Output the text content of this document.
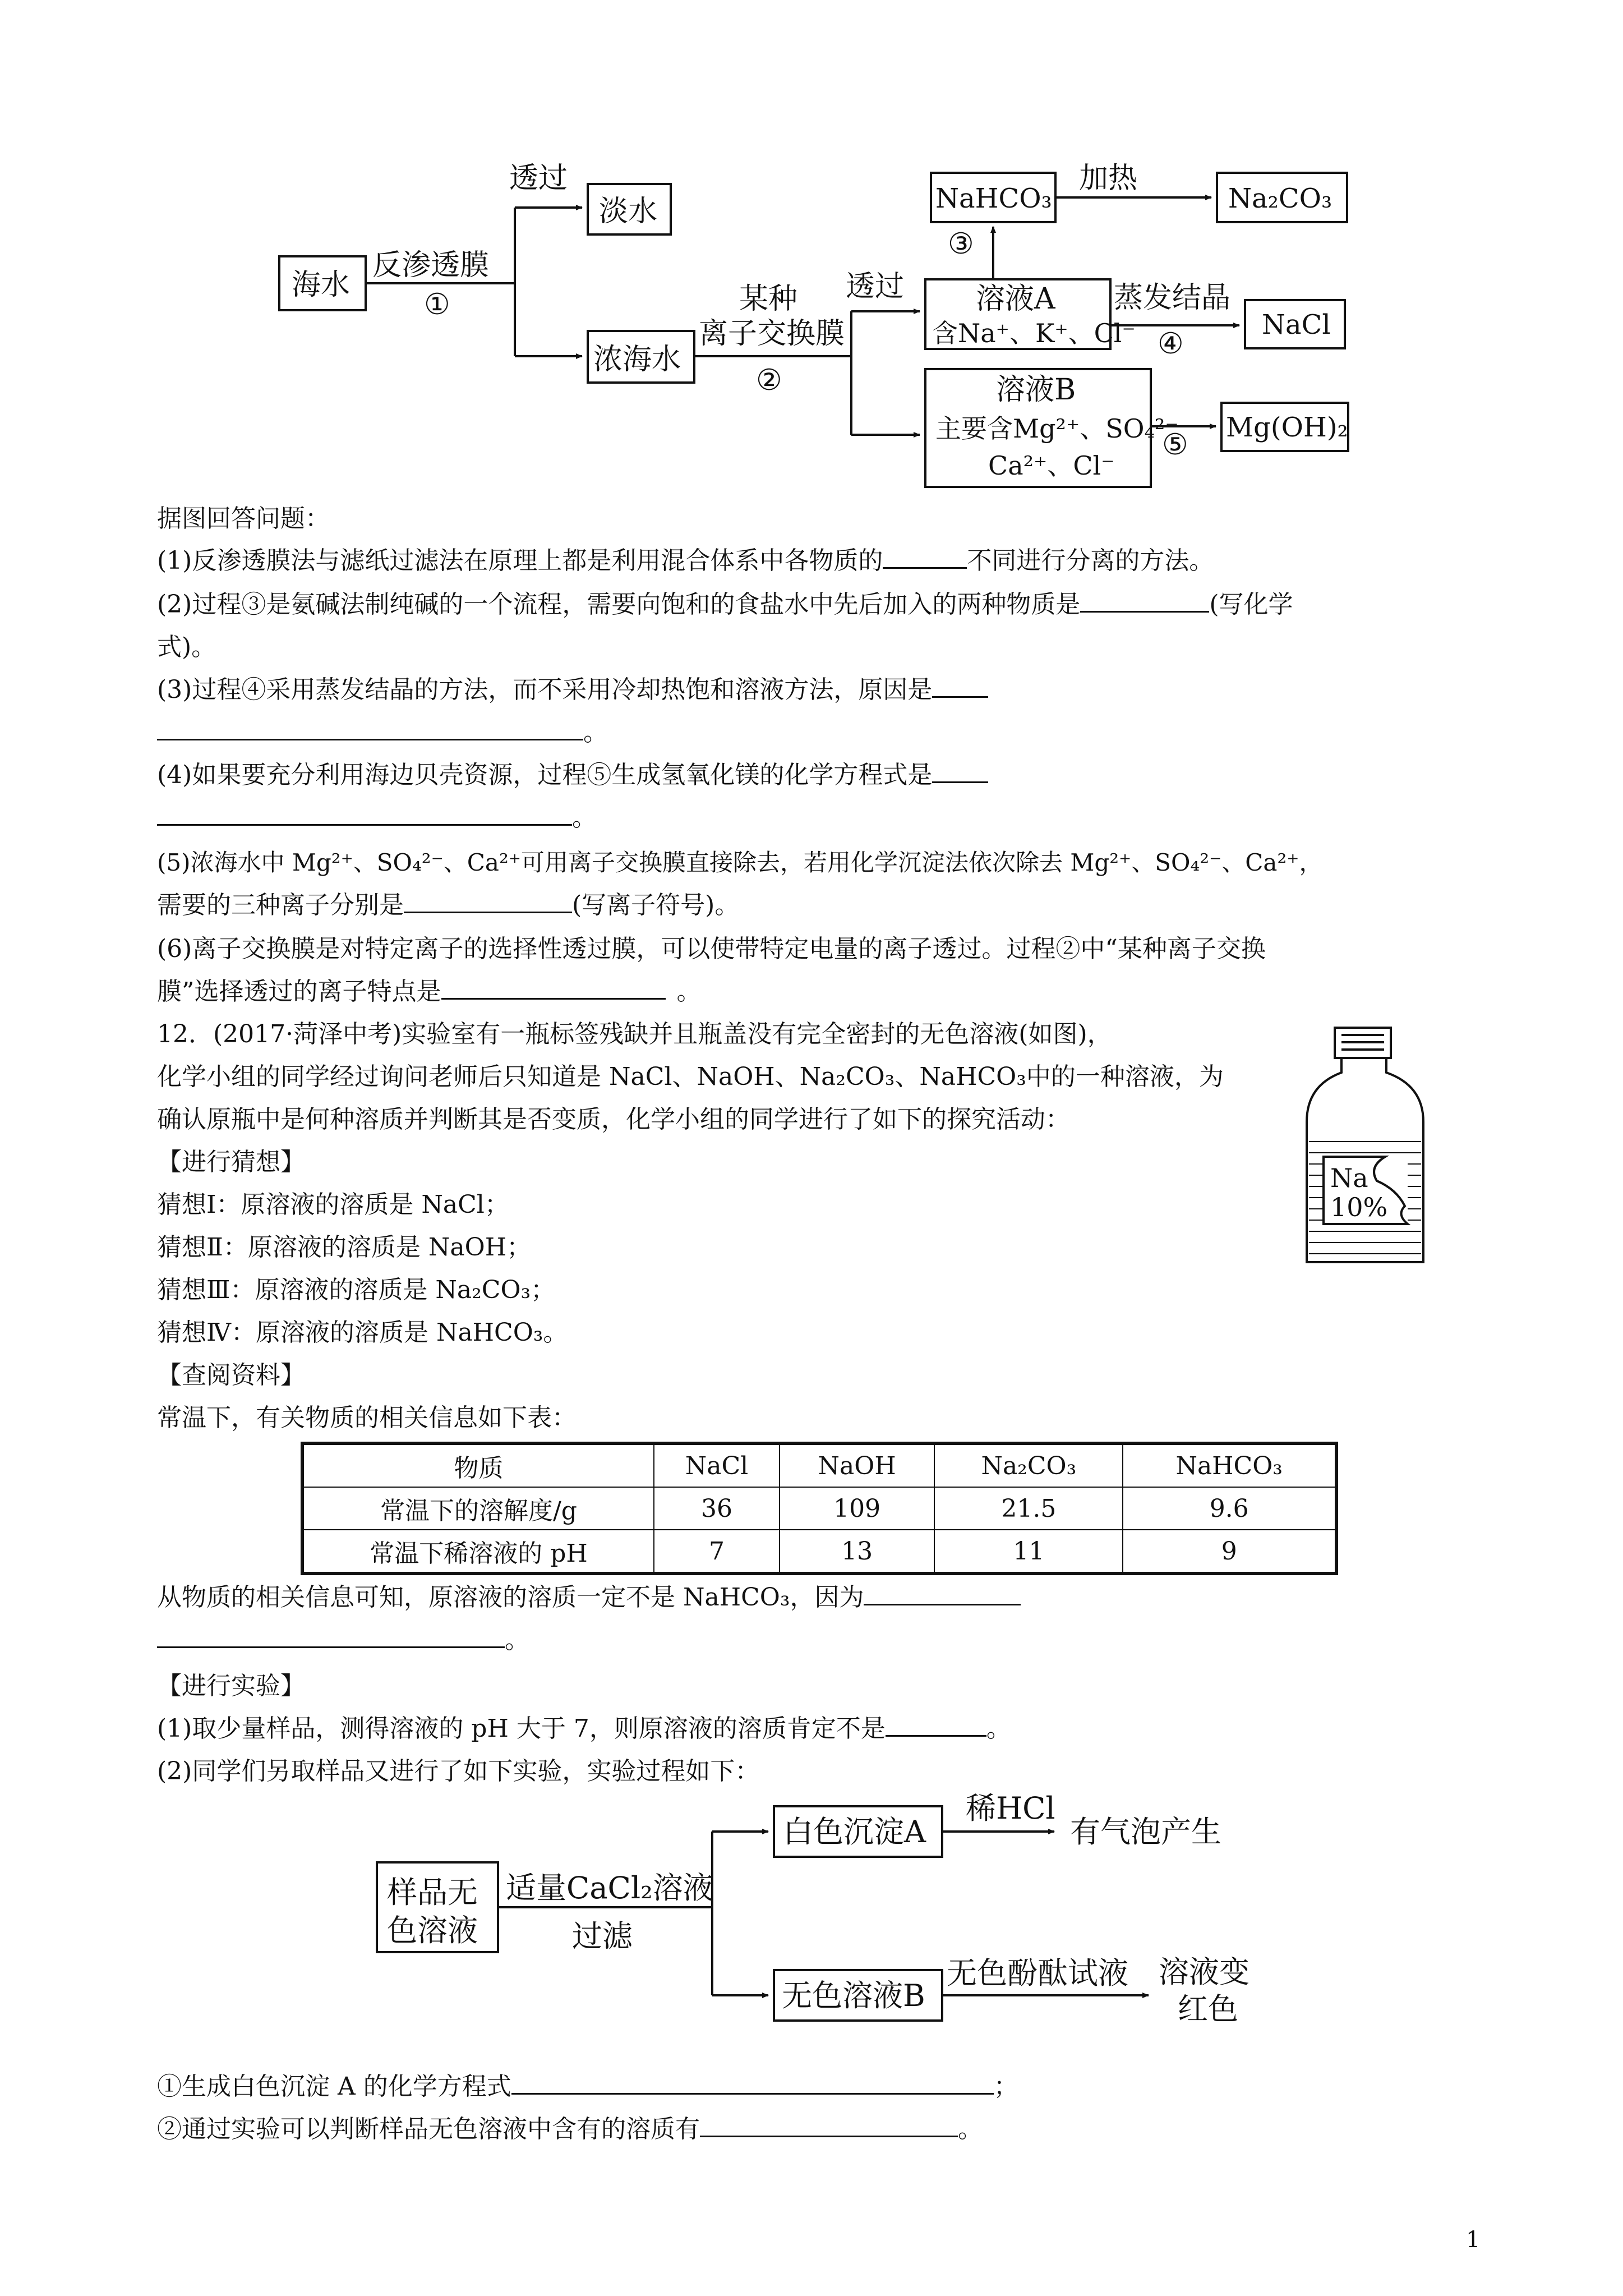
海水
反渗透膜
①
透过
淡水
浓海水
某种
离子交换膜
②
透过 溶液A
含Na⁺、K⁺、Cl⁻
NaHCO₃
③
加热
Na₂CO₃
蒸发结晶
④
NaCl
溶液B
主要含Mg²⁺、SO₄²⁻
Ca²⁺、Cl⁻
⑤
Mg(OH)₂
Na
10%
样品无
色溶液
适量CaCl₂溶液
过滤
白色沉淀A
稀HCl
有气泡产生
无色溶液B
无色酚酞试液 溶液变
红色
据图回答问题：
(1)反渗透膜法与滤纸过滤法在原理上都是利用混合体系中各物质的	不同进行分离的方法。
(2)过程③是氨碱法制纯碱的一个流程，需要向饱和的食盐水中先后加入的两种物质是	(写化学
式)。
(3)过程④采用蒸发结晶的方法，而不采用冷却热饱和溶液方法，原因是
。
(4)如果要充分利用海边贝壳资源，过程⑤生成氢氧化镁的化学方程式是
。
(5)浓海水中 Mg²⁺、SO₄²⁻、Ca²⁺可用离子交换膜直接除去，若用化学沉淀法依次除去 Mg²⁺、SO₄²⁻、Ca²⁺，
需要的三种离子分别是	(写离子符号)。
(6)离子交换膜是对特定离子的选择性透过膜，可以使带特定电量的离子透过。过程②中“某种离子交换
膜”选择透过的离子特点是	。
12．(2017·菏泽中考)实验室有一瓶标签残缺并且瓶盖没有完全密封的无色溶液(如图)，
化学小组的同学经过询问老师后只知道是 NaCl、NaOH、Na₂CO₃、NaHCO₃中的一种溶液，为
确认原瓶中是何种溶质并判断其是否变质，化学小组的同学进行了如下的探究活动：
【进行猜想】
猜想Ⅰ：原溶液的溶质是 NaCl；
猜想Ⅱ：原溶液的溶质是 NaOH；
猜想Ⅲ：原溶液的溶质是 Na₂CO₃；
猜想Ⅳ：原溶液的溶质是 NaHCO₃。
【查阅资料】
常温下，有关物质的相关信息如下表：
物质	NaCl	NaOH	Na₂CO₃	NaHCO₃
常温下的溶解度/g	36	109	21.5	9.6
常温下稀溶液的 pH	7	13	11	9
从物质的相关信息可知，原溶液的溶质一定不是 NaHCO₃，因为
。
【进行实验】
(1)取少量样品，测得溶液的 pH 大于 7，则原溶液的溶质肯定不是	。
(2)同学们另取样品又进行了如下实验，实验过程如下：
①生成白色沉淀 A 的化学方程式	；
②通过实验可以判断样品无色溶液中含有的溶质有	。
1
